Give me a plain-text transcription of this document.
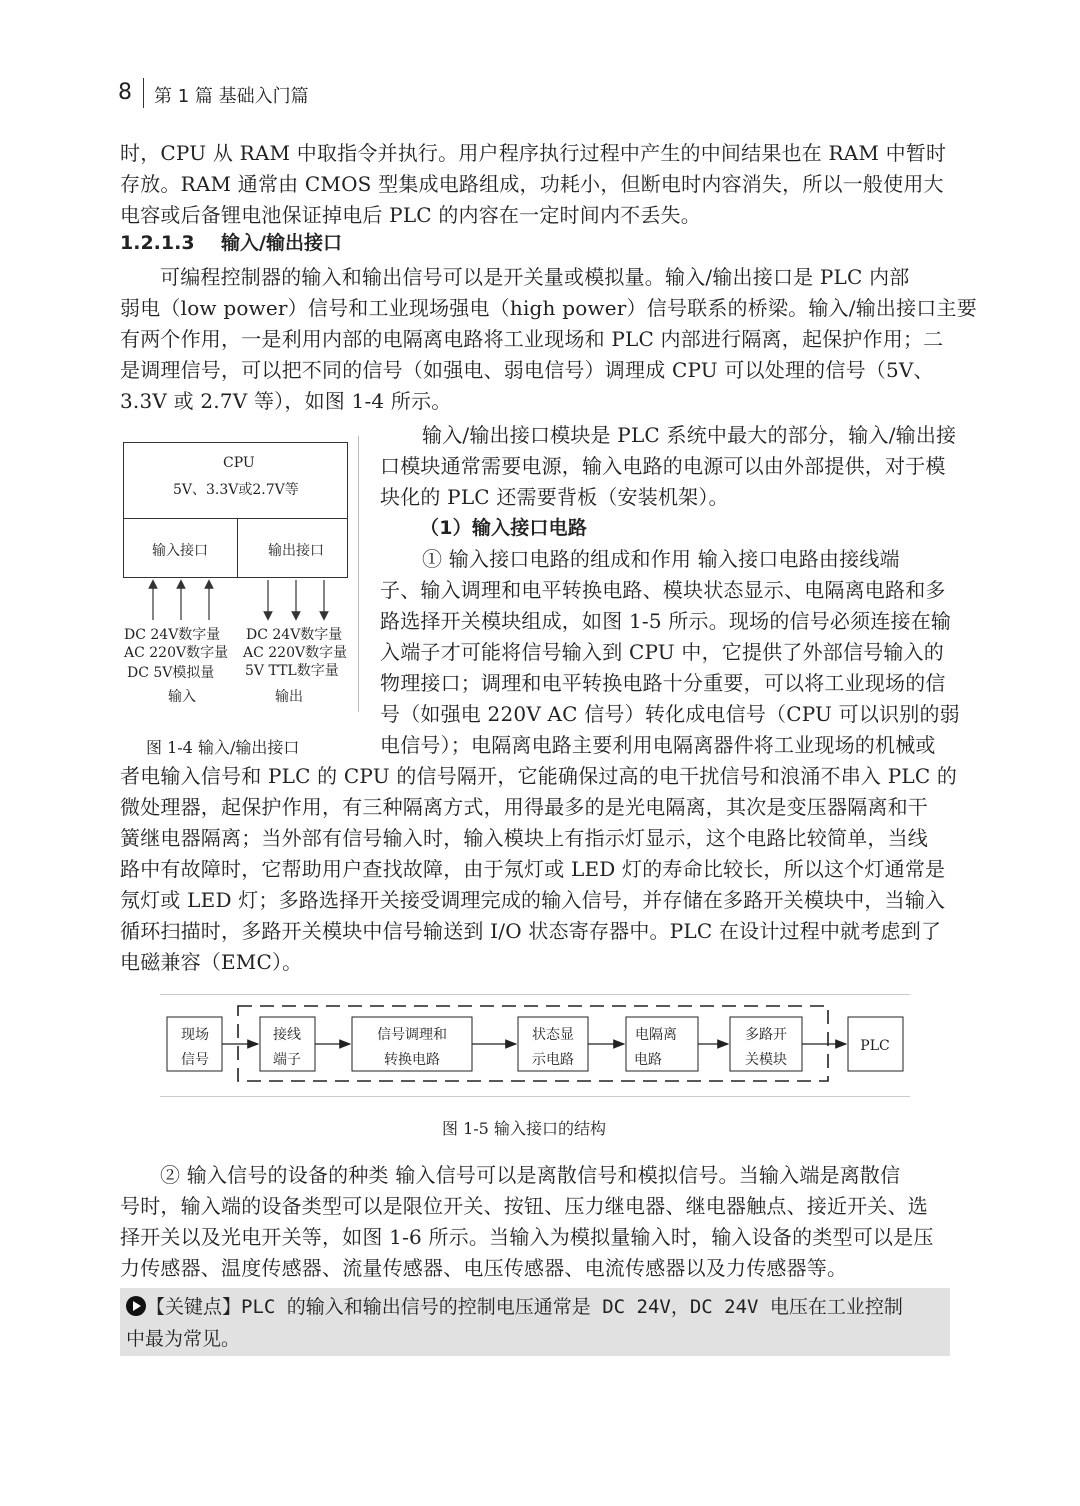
8 第 1 篇 基础入门篇
时，CPU 从 RAM 中取指令并执行。用户程序执行过程中产生的中间结果也在 RAM 中暂时
存放。RAM 通常由 CMOS 型集成电路组成，功耗小，但断电时内容消失，所以一般使用大
电容或后备锂电池保证掉电后 PLC 的内容在一定时间内不丢失。
1.2.1.3 输入/输出接口
可编程控制器的输入和输出信号可以是开关量或模拟量。输入/输出接口是 PLC 内部
弱电（low power）信号和工业现场强电（high power）信号联系的桥梁。输入/输出接口主要
有两个作用，一是利用内部的电隔离电路将工业现场和 PLC 内部进行隔离，起保护作用；二
是调理信号，可以把不同的信号（如强电、弱电信号）调理成 CPU 可以处理的信号（5V、
3.3V 或 2.7V 等），如图 1-4 所示。
CPU
5V、3.3V或2.7V等
输入接口	输出接口
DC 24V数字量
AC 220V数字量
DC 5V模拟量
DC 24V数字量
AC 220V数字量
5V TTL数字量
输入	输出
图 1-4 输入/输出接口
输入/输出接口模块是 PLC 系统中最大的部分，输入/输出接
口模块通常需要电源，输入电路的电源可以由外部提供，对于模
块化的 PLC 还需要背板（安装机架）。
（1）输入接口电路
① 输入接口电路的组成和作用 输入接口电路由接线端
子、输入调理和电平转换电路、模块状态显示、电隔离电路和多
路选择开关模块组成，如图 1-5 所示。现场的信号必须连接在输
入端子才可能将信号输入到 CPU 中，它提供了外部信号输入的
物理接口；调理和电平转换电路十分重要，可以将工业现场的信
号（如强电 220V AC 信号）转化成电信号（CPU 可以识别的弱
电信号）；电隔离电路主要利用电隔离器件将工业现场的机械或
者电输入信号和 PLC 的 CPU 的信号隔开，它能确保过高的电干扰信号和浪涌不串入 PLC 的
微处理器，起保护作用，有三种隔离方式，用得最多的是光电隔离，其次是变压器隔离和干
簧继电器隔离；当外部有信号输入时，输入模块上有指示灯显示，这个电路比较简单，当线
路中有故障时，它帮助用户查找故障，由于氖灯或 LED 灯的寿命比较长，所以这个灯通常是
氖灯或 LED 灯；多路选择开关接受调理完成的输入信号，并存储在多路开关模块中，当输入
循环扫描时，多路开关模块中信号输送到 I/O 状态寄存器中。PLC 在设计过程中就考虑到了
电磁兼容（EMC）。
现场
信号
接线
端子
信号调理和
转换电路
状态显
示电路
电隔离
电路
多路开
关模块
PLC
图 1-5 输入接口的结构
② 输入信号的设备的种类 输入信号可以是离散信号和模拟信号。当输入端是离散信
号时，输入端的设备类型可以是限位开关、按钮、压力继电器、继电器触点、接近开关、选
择开关以及光电开关等，如图 1-6 所示。当输入为模拟量输入时，输入设备的类型可以是压
力传感器、温度传感器、流量传感器、电压传感器、电流传感器以及力传感器等。
【关键点】PLC 的输入和输出信号的控制电压通常是 DC 24V，DC 24V 电压在工业控制
中最为常见。
